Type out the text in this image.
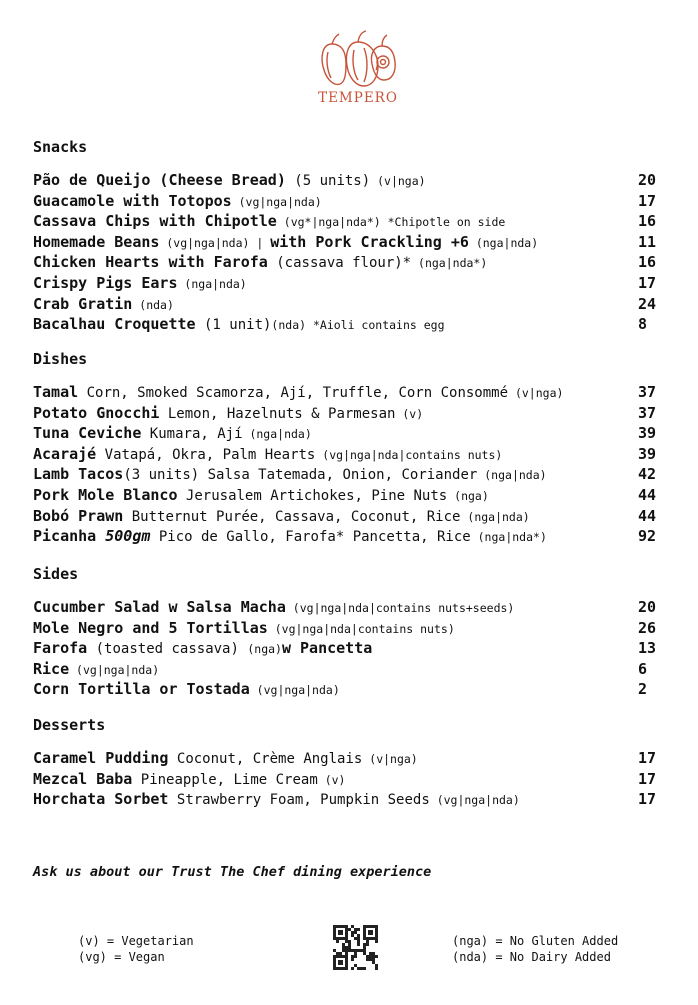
TEMPERO
Snacks
Pão de Queijo (Cheese Bread) (5 units) (v|nga)	20
Guacamole with Totopos (vg|nga|nda)	17
Cassava Chips with Chipotle (vg*|nga|nda*) *Chipotle on side	16
Homemade Beans (vg|nga|nda) | with Pork Crackling +6 (nga|nda)	11
Chicken Hearts with Farofa (cassava flour)* (nga|nda*)	16
Crispy Pigs Ears (nga|nda)	17
Crab Gratin (nda)	24
Bacalhau Croquette (1 unit)(nda) *Aioli contains egg	8
Dishes
Tamal Corn, Smoked Scamorza, Ají, Truffle, Corn Consommé (v|nga)	37
Potato Gnocchi Lemon, Hazelnuts & Parmesan (v)	37
Tuna Ceviche Kumara, Ají (nga|nda)	39
Acarajé Vatapá, Okra, Palm Hearts (vg|nga|nda|contains nuts)	39
Lamb Tacos(3 units) Salsa Tatemada, Onion, Coriander (nga|nda)	42
Pork Mole Blanco Jerusalem Artichokes, Pine Nuts (nga)	44
Bobó Prawn Butternut Purée, Cassava, Coconut, Rice (nga|nda)	44
Picanha 500gm Pico de Gallo, Farofa* Pancetta, Rice (nga|nda*)	92
Sides
Cucumber Salad w Salsa Macha (vg|nga|nda|contains nuts+seeds)	20
Mole Negro and 5 Tortillas (vg|nga|nda|contains nuts)	26
Farofa (toasted cassava) (nga)w Pancetta	13
Rice (vg|nga|nda)	6
Corn Tortilla or Tostada (vg|nga|nda)	2
Desserts
Caramel Pudding Coconut, Crème Anglais (v|nga)	17
Mezcal Baba Pineapple, Lime Cream (v)	17
Horchata Sorbet Strawberry Foam, Pumpkin Seeds (vg|nga|nda)	17
Ask us about our Trust The Chef dining experience
(v) = Vegetarian
(vg) = Vegan
(nga) = No Gluten Added
(nda) = No Dairy Added
